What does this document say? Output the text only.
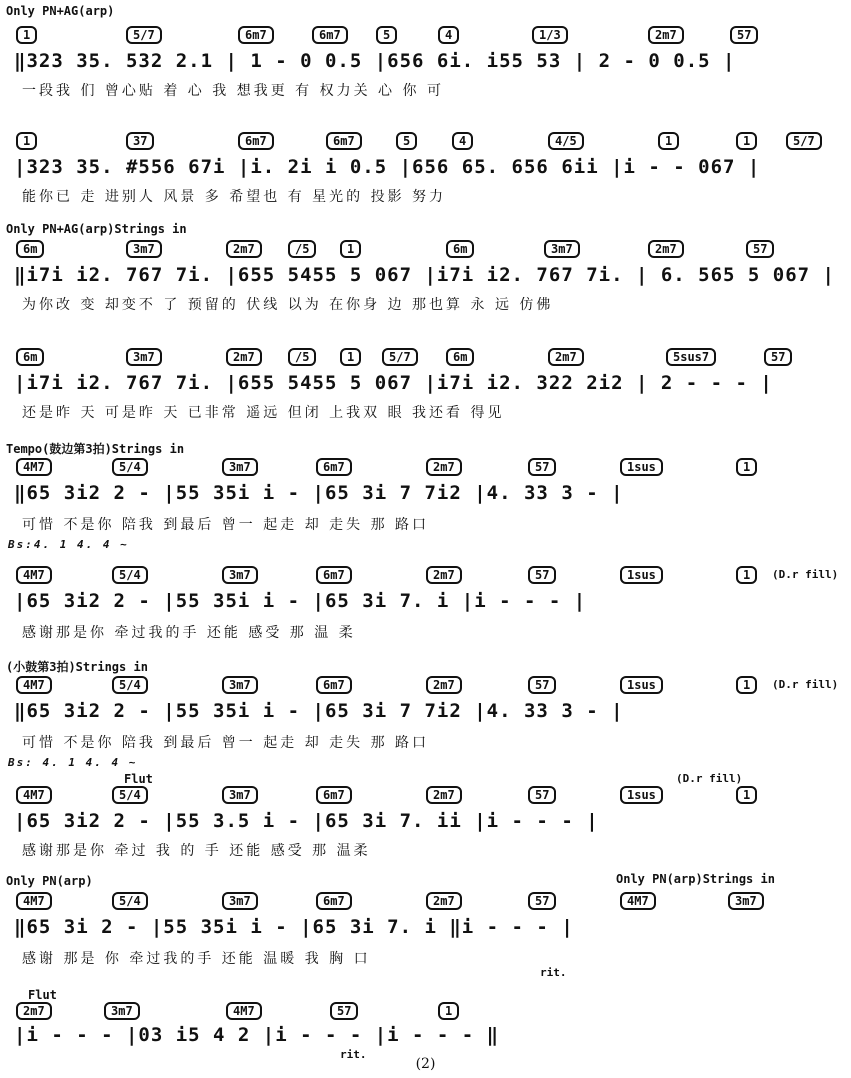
Only PN+AG(arp)
1	5/7	6m7	6m7	5	4	1/3	2m7	57
‖323 35. 532 2.1 | 1 - 0 0.5 |656 6i. i55 53 | 2 - 0 0.5 |
一段我 们 曾心贴 着 心 我 想我更 有 权力关 心 你 可
1	37	6m7	6m7	5	4	4/5	1	1	5/7
|323 35. #556 67i |i. 2i i 0.5 |656 65. 656 6ii |i - - 067 |
能你已 走 进别人 风景 多 希望也 有 星光的 投影 努力
Only PN+AG(arp)Strings in
6m	3m7	2m7	/5	1	6m	3m7	2m7	57
‖i7i i2. 767 7i. |655 5455 5 067 |i7i i2. 767 7i. | 6. 565 5 067 |
为你改 变 却变不 了 预留的 伏线 以为 在你身 边 那也算 永 远 仿佛
6m	3m7	2m7	/5	1	5/7	6m	2m7	5sus7	57
|i7i i2. 767 7i. |655 5455 5 067 |i7i i2. 322 2i2 | 2 - - - |
还是昨 天 可是昨 天 已非常 遥远 但闭 上我双 眼 我还看 得见
Tempo(鼓边第3拍)Strings in
4M7	5/4	3m7	6m7	2m7	57	1sus	1
‖65 3i2 2 - |55 35i i - |65 3i 7 7i2 |4. 33 3 - |
可惜 不是你 陪我 到最后 曾一 起走 却 走失 那 路口
Bs:4. 1 4. 4 ~
4M7	5/4	3m7	6m7	2m7	57	1sus	1	(D.r fill)
|65 3i2 2 - |55 35i i - |65 3i 7. i |i - - - |
感谢那是你 牵过我的手 还能 感受 那 温 柔
(小鼓第3拍)Strings in
4M7	5/4	3m7	6m7	2m7	57	1sus	1	(D.r fill)
‖65 3i2 2 - |55 35i i - |65 3i 7 7i2 |4. 33 3 - |
可惜 不是你 陪我 到最后 曾一 起走 却 走失 那 路口
Bs: 4. 1 4. 4 ~
Flut
4M7	5/4	3m7	6m7	2m7	57	1sus	1
(D.r fill)
|65 3i2 2 - |55 3.5 i - |65 3i 7. ii |i - - - |
感谢那是你 牵过 我 的 手 还能 感受 那 温柔
Only PN(arp)	Only PN(arp)Strings in
4M7	5/4	3m7	6m7	2m7	57	4M7	3m7
‖65 3i 2 - |55 35i i - |65 3i 7. i ‖i - - - |
感谢 那是 你 牵过我的手 还能 温暖 我 胸 口
rit.
Flut
2m7	3m7	4M7	57	1
|i - - - |03 i5 4 2 |i - - - |i - - - ‖
rit.
(2)
